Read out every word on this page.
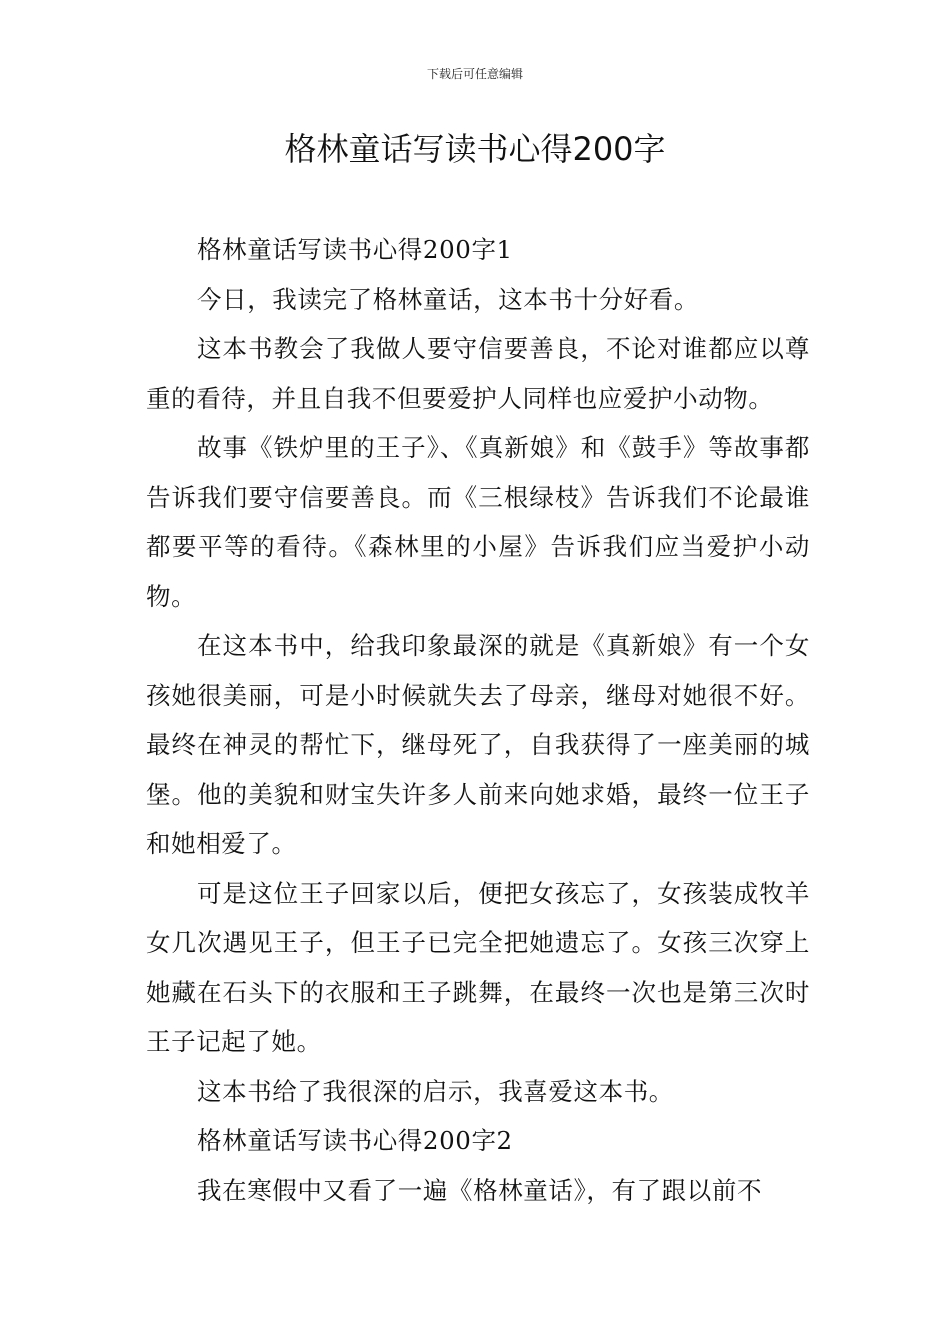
下载后可任意编辑
格林童话写读书心得200字

格林童话写读书心得200字1

今日，我读完了格林童话，这本书十分好看。

这本书教会了我做人要守信要善良，不论对谁都应以尊重的看待，并且自我不但要爱护人同样也应爱护小动物。

故事《铁炉里的王子》、《真新娘》和《鼓手》等故事都告诉我们要守信要善良。而《三根绿枝》告诉我们不论最谁都要平等的看待。《森林里的小屋》告诉我们应当爱护小动物。

在这本书中，给我印象最深的就是《真新娘》有一个女孩她很美丽，可是小时候就失去了母亲，继母对她很不好。最终在神灵的帮忙下，继母死了，自我获得了一座美丽的城堡。他的美貌和财宝失许多人前来向她求婚，最终一位王子和她相爱了。

可是这位王子回家以后，便把女孩忘了，女孩装成牧羊女几次遇见王子，但王子已完全把她遗忘了。女孩三次穿上她藏在石头下的衣服和王子跳舞，在最终一次也是第三次时王子记起了她。

这本书给了我很深的启示，我喜爱这本书。

格林童话写读书心得200字2

我在寒假中又看了一遍《格林童话》，有了跟以前不
